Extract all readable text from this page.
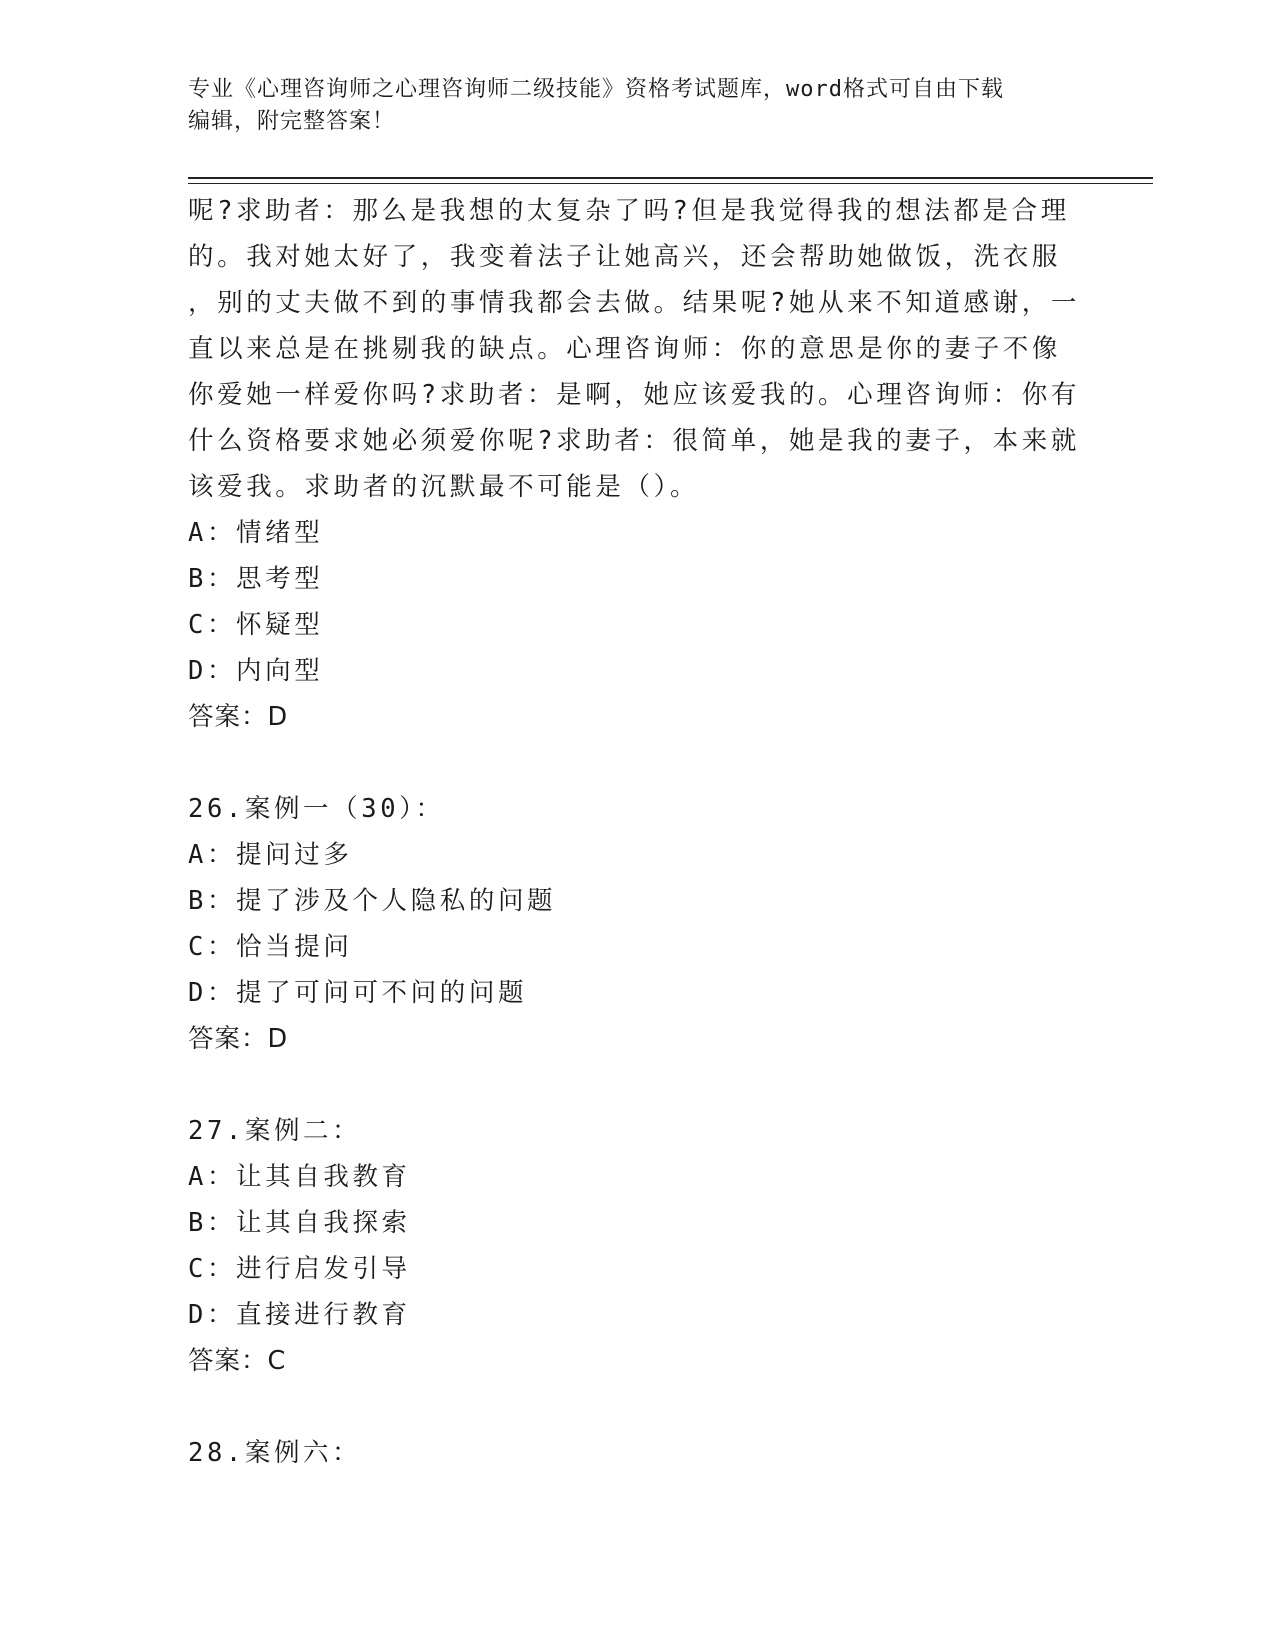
专业《心理咨询师之心理咨询师二级技能》资格考试题库，word格式可自由下载
编辑，附完整答案！
呢?求助者：那么是我想的太复杂了吗?但是我觉得我的想法都是合理
的。我对她太好了，我变着法子让她高兴，还会帮助她做饭，洗衣服
，别的丈夫做不到的事情我都会去做。结果呢?她从来不知道感谢，一
直以来总是在挑剔我的缺点。心理咨询师：你的意思是你的妻子不像
你爱她一样爱你吗?求助者：是啊，她应该爱我的。心理咨询师：你有
什么资格要求她必须爱你呢?求助者：很简单，她是我的妻子，本来就
该爱我。求助者的沉默最不可能是（）。
A：情绪型
B：思考型
C：怀疑型
D：内向型
答案：D
26.案例一（30）：
A：提问过多
B：提了涉及个人隐私的问题
C：恰当提问
D：提了可问可不问的问题
答案：D
27.案例二：
A：让其自我教育
B：让其自我探索
C：进行启发引导
D：直接进行教育
答案：C
28.案例六：
